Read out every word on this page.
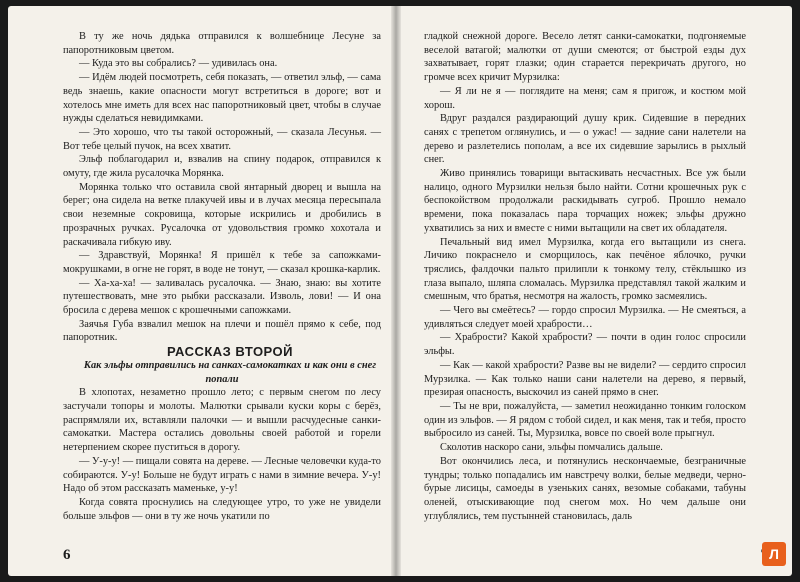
В ту же ночь дядька отправился к волшебнице Лесуне за папоротниковым цветом.

— Куда это вы собрались? — удивилась она.

— Идём людей посмотреть, себя показать, — ответил эльф, — сама ведь знаешь, какие опасности могут встретиться в дороге; вот и хотелось мне иметь для всех нас папоротниковый цвет, чтобы в случае нужды сделаться невидимками.

— Это хорошо, что ты такой осторожный, — сказала Лесунья. — Вот тебе целый пучок, на всех хватит.

Эльф поблагодарил и, взвалив на спину подарок, отправился к омуту, где жила русалочка Морянка.

Морянка только что оставила свой янтарный дворец и вышла на берег; она сидела на ветке плакучей ивы и в лучах месяца пересыпала свои неземные сокровища, которые искрились и дробились в прозрачных ручках. Русалочка от удовольствия громко хохотала и раскачивала гибкую иву.

— Здравствуй, Морянка! Я пришёл к тебе за сапожками-мокрушками, в огне не горят, в воде не тонут, — сказал крошка-карлик.

— Ха-ха-ха! — заливалась русалочка. — Знаю, знаю: вы хотите путешествовать, мне это рыбки рассказали. Изволь, лови! — И она бросила с дерева мешок с крошечными сапожками.

Заячья Губа взвалил мешок на плечи и пошёл прямо к себе, под папоротник.

РАССКАЗ ВТОРОЙ

Как эльфы отправились на санках-самокатках и как они в снег попали

В хлопотах, незаметно прошло лето; с первым снегом по лесу застучали топоры и молоты. Малютки срывали куски коры с берёз, распрямляли их, вставляли палочки — и вышли расчудесные санки-самокатки. Мастера остались довольны своей работой и горели нетерпением скорее пуститься в дорогу.

— У-у-у! — пищали совята на дереве. — Лесные человечки куда-то собираются. У-у! Больше не будут играть с нами в зимние вечера. У-у! Надо об этом рассказать маменьке, у-у!

Когда совята проснулись на следующее утро, то уже не увидели больше эльфов — они в ту же ночь укатили по

6

гладкой снежной дороге. Весело летят санки-самокатки, подгоняемые веселой ватагой; малютки от души смеются; от быстрой езды дух захватывает, горят глазки; один старается перекричать другого, но громче всех кричит Мурзилка:

— Я ли не я — поглядите на меня; сам я пригож, и костюм мой хорош.

Вдруг раздался раздирающий душу крик. Сидевшие в передних санях с трепетом оглянулись, и — о ужас! — задние сани налетели на дерево и разлетелись пополам, а все их сидевшие зарылись в рыхлый снег.

Живо принялись товарищи вытаскивать несчастных. Все уж были налицо, одного Мурзилки нельзя было найти. Сотни крошечных рук с беспокойством продолжали раскидывать сугроб. Прошло немало времени, пока показалась пара торчащих ножек; эльфы дружно ухватились за них и вместе с ними вытащили на свет их обладателя.

Печальный вид имел Мурзилка, когда его вытащили из снега. Личико покраснело и сморщилось, как печёное яблочко, ручки тряслись, фалдочки пальто прилипли к тонкому телу, стёклышко из глаза выпало, шляпа сломалась. Мурзилка представлял такой жалким и смешным, что братья, несмотря на жалость, громко засмеялись.

— Чего вы смеётесь? — гордо спросил Мурзилка. — Не смеяться, а удивляться следует моей храбрости…

— Храбрости? Какой храбрости? — почти в один голос спросили эльфы.

— Как — какой храбрости? Разве вы не видели? — сердито спросил Мурзилка. — Как только наши сани налетели на дерево, я первый, презирая опасность, выскочил из саней прямо в снег.

— Ты не ври, пожалуйста, — заметил неожиданно тонким голоском один из эльфов. — Я рядом с тобой сидел, и как меня, так и тебя, просто выбросило из саней. Ты, Мурзилка, вовсе по своей воле прыгнул.

Сколотив наскоро сани, эльфы помчались дальше.

Вот окончились леса, и потянулись нескончаемые, безграничные тундры; только попадались им навстречу волки, белые медведи, черно-бурые лисицы, самоеды в узеньких санях, везомые собаками, табуны оленей, отыскивающие под снегом мох. Но чем дальше они углублялись, тем пустынней становилась, даль

Л
